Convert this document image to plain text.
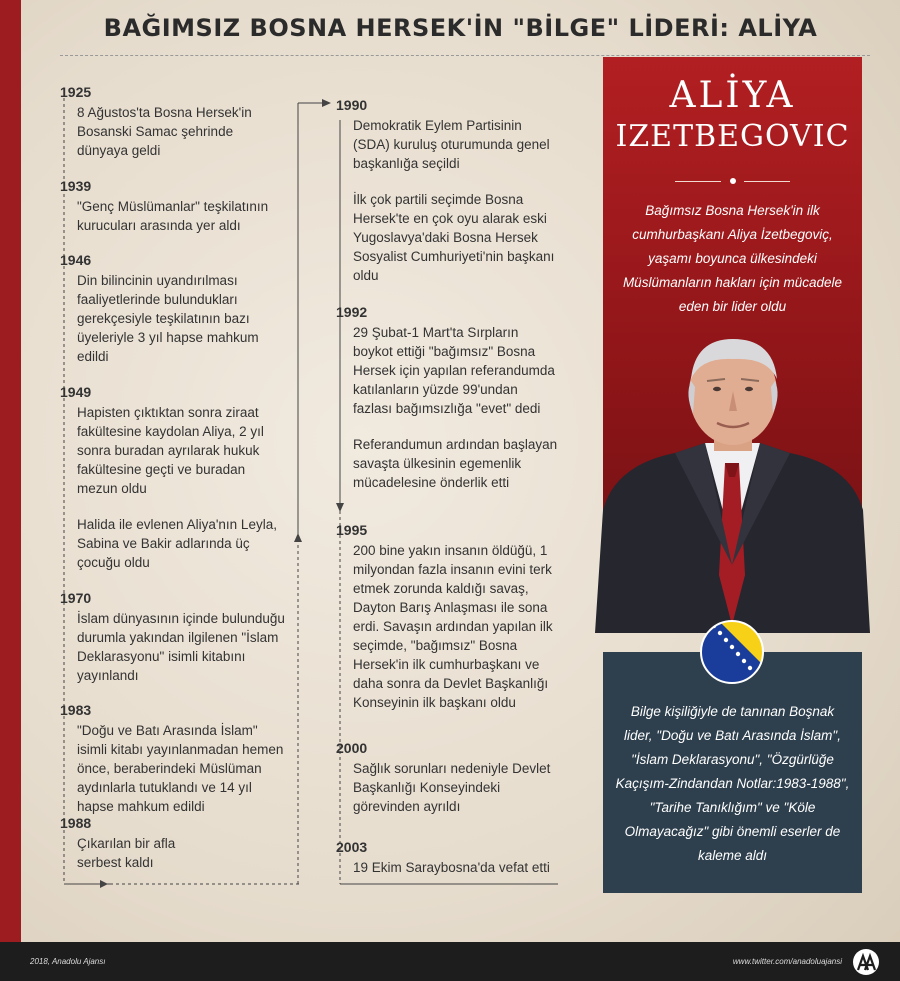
BAĞIMSIZ BOSNA HERSEK'İN "BİLGE" LİDERİ: ALİYA
1925

8 Ağustos'ta Bosna Hersek'in Bosanski Samac şehrinde dünyaya geldi

1939

"Genç Müslümanlar" teşkilatının kurucuları arasında yer aldı

1946

Din bilincinin uyandırılması faaliyetlerinde bulundukları gerekçesiyle teşkilatının bazı üyeleriyle 3 yıl hapse mahkum edildi

1949

Hapisten çıktıktan sonra ziraat fakültesine kaydolan Aliya, 2 yıl sonra buradan ayrılarak hukuk fakültesine geçti ve buradan mezun oldu

Halida ile evlenen Aliya'nın Leyla, Sabina ve Bakir adlarında üç çocuğu oldu

1970

İslam dünyasının içinde bulunduğu durumla yakından ilgilenen "İslam Deklarasyonu" isimli kitabını yayınlandı

1983

"Doğu ve Batı Arasında İslam" isimli kitabı yayınlanmadan hemen önce, beraberindeki Müslüman aydınlarla tutuklandı ve 14 yıl hapse mahkum edildi

1988

Çıkarılan bir afla serbest kaldı

1990

Demokratik Eylem Partisinin (SDA) kuruluş oturumunda genel başkanlığa seçildi

İlk çok partili seçimde Bosna Hersek'te en çok oyu alarak eski Yugoslavya'daki Bosna Hersek Sosyalist Cumhuriyeti'nin başkanı oldu

1992

29 Şubat-1 Mart'ta Sırpların boykot ettiği "bağımsız" Bosna Hersek için yapılan referandumda katılanların yüzde 99'undan fazlası bağımsızlığa "evet" dedi

Referandumun ardından başlayan savaşta ülkesinin egemenlik mücadelesine önderlik etti

1995

200 bine yakın insanın öldüğü, 1 milyondan fazla insanın evini terk etmek zorunda kaldığı savaş, Dayton Barış Anlaşması ile sona erdi. Savaşın ardından yapılan ilk seçimde, "bağımsız" Bosna Hersek'in ilk cumhurbaşkanı ve daha sonra da Devlet Başkanlığı Konseyinin ilk başkanı oldu

2000

Sağlık sorunları nedeniyle Devlet Başkanlığı Konseyindeki görevinden ayrıldı

2003

19 Ekim Saraybosna'da vefat etti

ALİYA
IZETBEGOVIC
Bağımsız Bosna Hersek'in ilk cumhurbaşkanı Aliya İzetbegoviç, yaşamı boyunca ülkesindeki Müslümanların hakları için mücadele eden bir lider oldu
Bilge kişiliğiyle de tanınan Boşnak lider, "Doğu ve Batı Arasında İslam", "İslam Deklarasyonu", "Özgürlüğe Kaçışım-Zindandan Notlar:1983-1988", "Tarihe Tanıklığım" ve "Köle Olmayacağız" gibi önemli eserler de kaleme aldı
2018, Anadolu Ajansı	www.twitter.com/anadoluajansi
